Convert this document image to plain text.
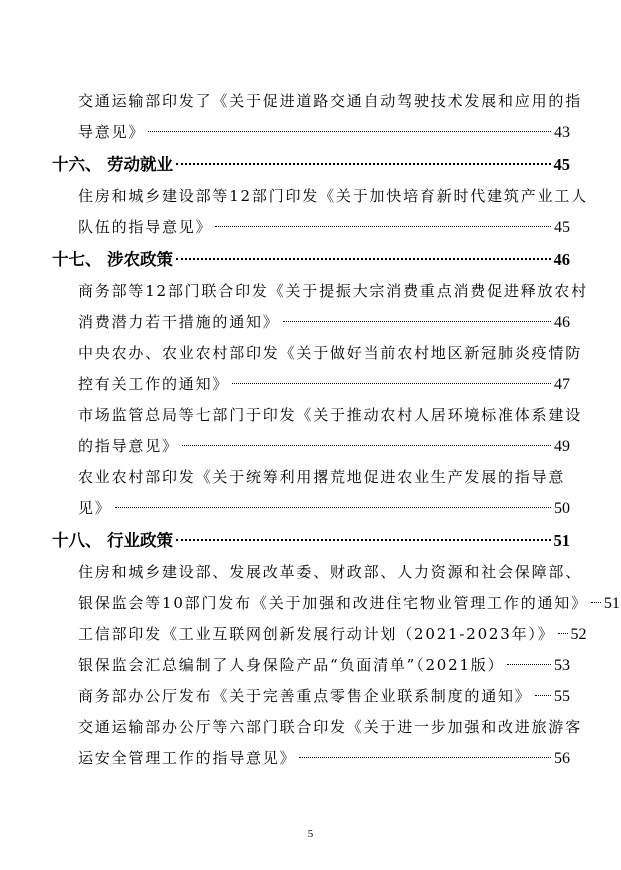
交通运输部印发了《关于促进道路交通自动驾驶技术发展和应用的指
导意见》	43
十六、 劳动就业	45
住房和城乡建设部等12部门印发《关于加快培育新时代建筑产业工人
队伍的指导意见》	45
十七、 涉农政策	46
商务部等12部门联合印发《关于提振大宗消费重点消费促进释放农村
消费潜力若干措施的通知》	46
中央农办、农业农村部印发《关于做好当前农村地区新冠肺炎疫情防
控有关工作的通知》	47
市场监管总局等七部门于印发《关于推动农村人居环境标准体系建设
的指导意见》	49
农业农村部印发《关于统筹利用撂荒地促进农业生产发展的指导意
见》	50
十八、 行业政策	51
住房和城乡建设部、发展改革委、财政部、人力资源和社会保障部、
银保监会等10部门发布《关于加强和改进住宅物业管理工作的通知》 51
工信部印发《工业互联网创新发展行动计划（2021-2023年）》 52
银保监会汇总编制了人身保险产品“负面清单”（2021版）	53
商务部办公厅发布《关于完善重点零售企业联系制度的通知》 55
交通运输部办公厅等六部门联合印发《关于进一步加强和改进旅游客
运安全管理工作的指导意见》	56
5
